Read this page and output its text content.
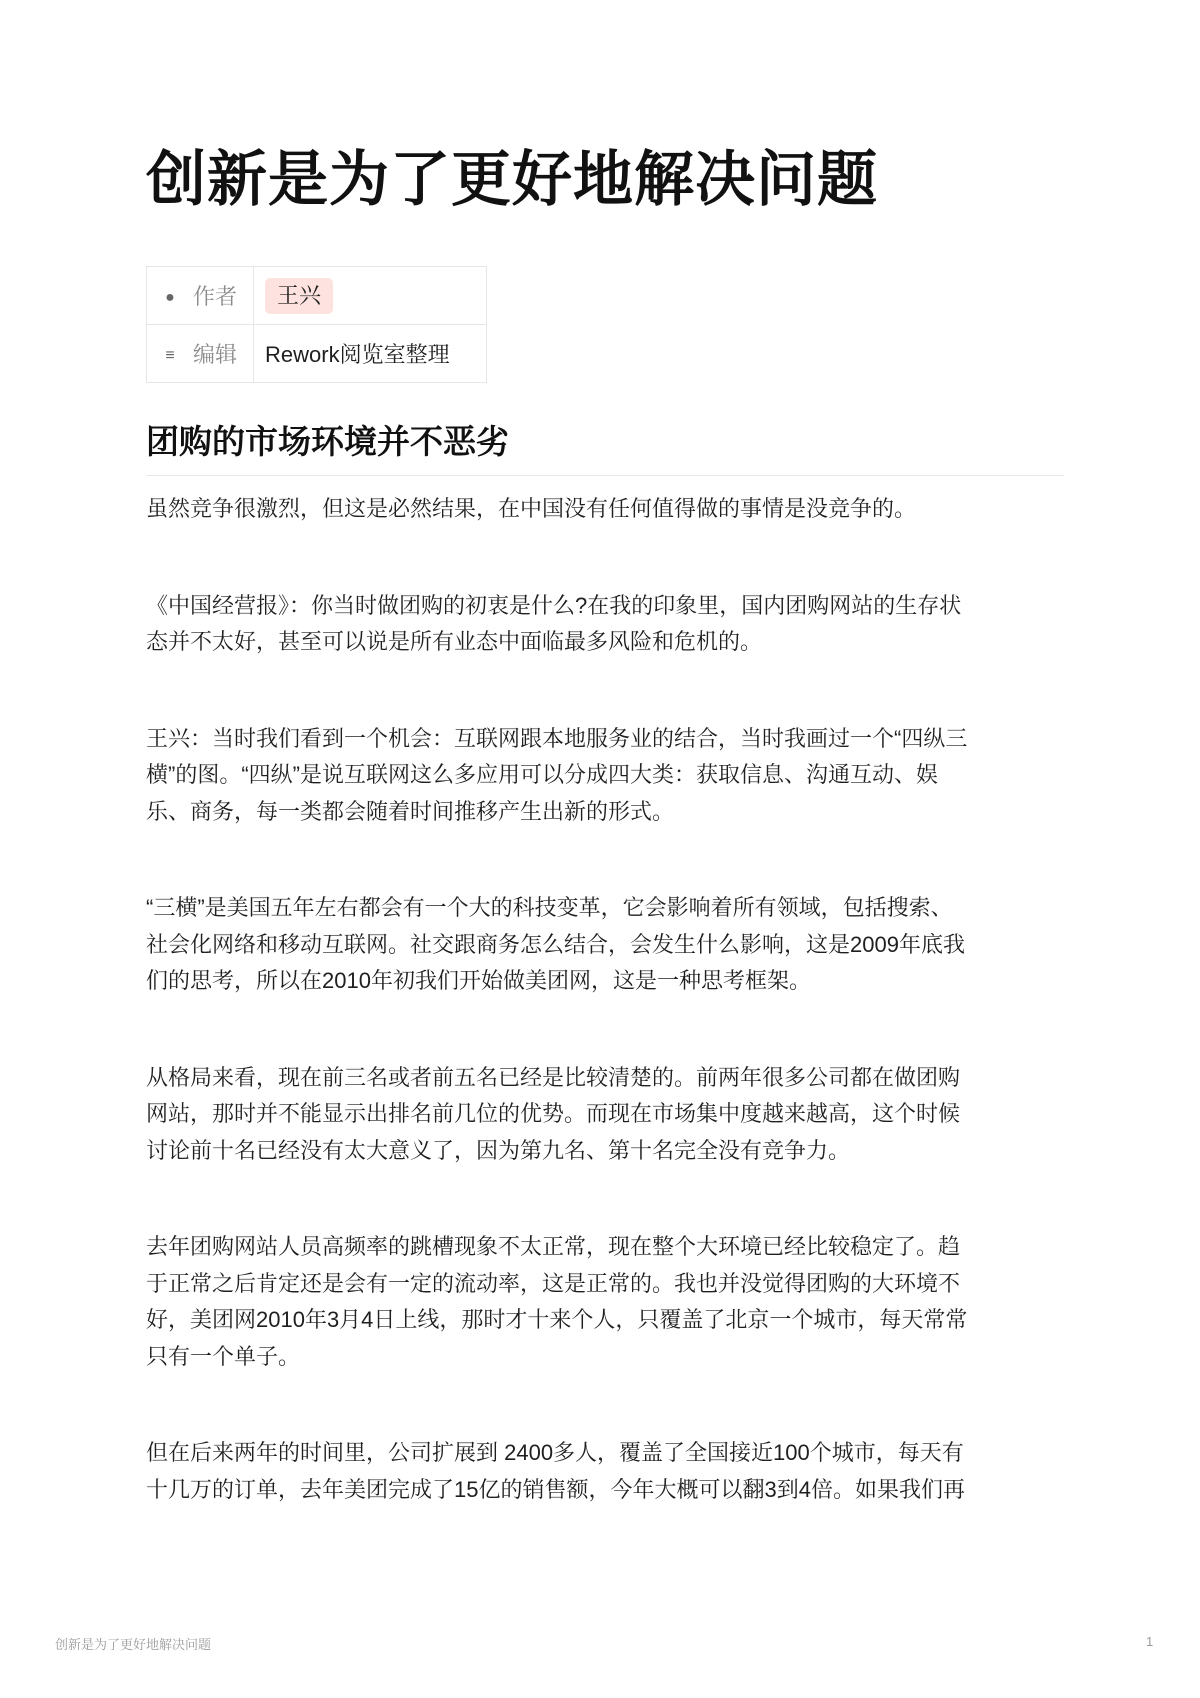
创新是为了更好地解决问题
● 作者	王兴
≡ 编辑	Rework阅览室整理
团购的市场环境并不恶劣

虽然竞争很激烈，但这是必然结果，在中国没有任何值得做的事情是没竞争的。

《中国经营报》：你当时做团购的初衷是什么?在我的印象里，国内团购网站的生存状
态并不太好，甚至可以说是所有业态中面临最多风险和危机的。

王兴：当时我们看到一个机会：互联网跟本地服务业的结合，当时我画过一个“四纵三
横”的图。“四纵”是说互联网这么多应用可以分成四大类：获取信息、沟通互动、娱
乐、商务，每一类都会随着时间推移产生出新的形式。

“三横”是美国五年左右都会有一个大的科技变革，它会影响着所有领域，包括搜索、
社会化网络和移动互联网。社交跟商务怎么结合，会发生什么影响，这是2009年底我
们的思考，所以在2010年初我们开始做美团网，这是一种思考框架。

从格局来看，现在前三名或者前五名已经是比较清楚的。前两年很多公司都在做团购
网站，那时并不能显示出排名前几位的优势。而现在市场集中度越来越高，这个时候
讨论前十名已经没有太大意义了，因为第九名、第十名完全没有竞争力。

去年团购网站人员高频率的跳槽现象不太正常，现在整个大环境已经比较稳定了。趋
于正常之后肯定还是会有一定的流动率，这是正常的。我也并没觉得团购的大环境不
好，美团网2010年3月4日上线，那时才十来个人，只覆盖了北京一个城市，每天常常
只有一个单子。

但在后来两年的时间里，公司扩展到 2400多人，覆盖了全国接近100个城市，每天有
十几万的订单，去年美团完成了15亿的销售额，今年大概可以翻3到4倍。如果我们再

创新是为了更好地解决问题	1
